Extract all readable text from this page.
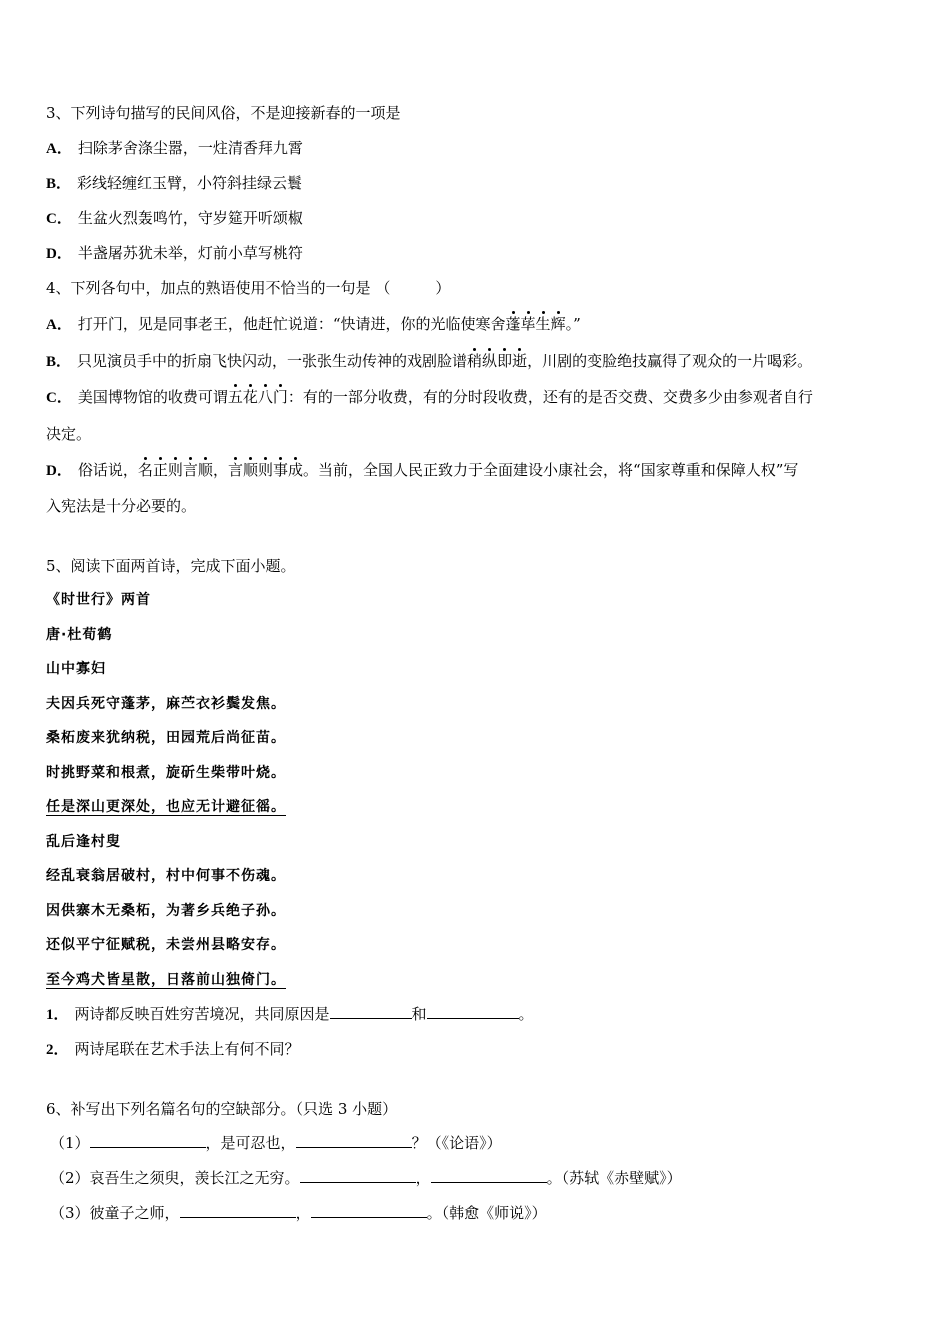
3、下列诗句描写的民间风俗，不是迎接新春的一项是
A． 扫除茅舍涤尘嚣，一炷清香拜九霄
B． 彩线轻缠红玉臂，小符斜挂绿云鬟
C． 生盆火烈轰鸣竹，守岁筵开听颂椒
D． 半盏屠苏犹未举，灯前小草写桃符
4、下列各句中，加点的熟语使用不恰当的一句是 （　　　）
A． 打开门，见是同事老王，他赶忙说道：“快请进，你的光临使寒舍蓬荜生辉。”
B． 只见演员手中的折扇飞快闪动，一张张生动传神的戏剧脸谱稍纵即逝，川剧的变脸绝技赢得了观众的一片喝彩。
C． 美国博物馆的收费可谓五花八门：有的一部分收费，有的分时段收费，还有的是否交费、交费多少由参观者自行
决定。
D． 俗话说，名正则言顺，言顺则事成。当前，全国人民正致力于全面建设小康社会，将“国家尊重和保障人权”写
入宪法是十分必要的。
5、阅读下面两首诗，完成下面小题。
《时世行》两首
唐·杜荀鹤
山中寡妇
夫因兵死守蓬茅，麻苎衣衫鬓发焦。
桑柘废来犹纳税，田园荒后尚征苗。
时挑野菜和根煮，旋斫生柴带叶烧。
任是深山更深处，也应无计避征徭。
乱后逢村叟
经乱衰翁居破村，村中何事不伤魂。
因供寨木无桑柘，为著乡兵绝子孙。
还似平宁征赋税，未尝州县略安存。
至今鸡犬皆星散，日落前山独倚门。
1． 两诗都反映百姓穷苦境况，共同原因是	和	。
2． 两诗尾联在艺术手法上有何不同？
6、补写出下列名篇名句的空缺部分。（只选 3 小题）
（1）	，是可忍也，	？（《论语》）
（2）哀吾生之须臾，羡长江之无穷。	，	。（苏轼《赤壁赋》）
（3）彼童子之师，	，	。（韩愈《师说》）
